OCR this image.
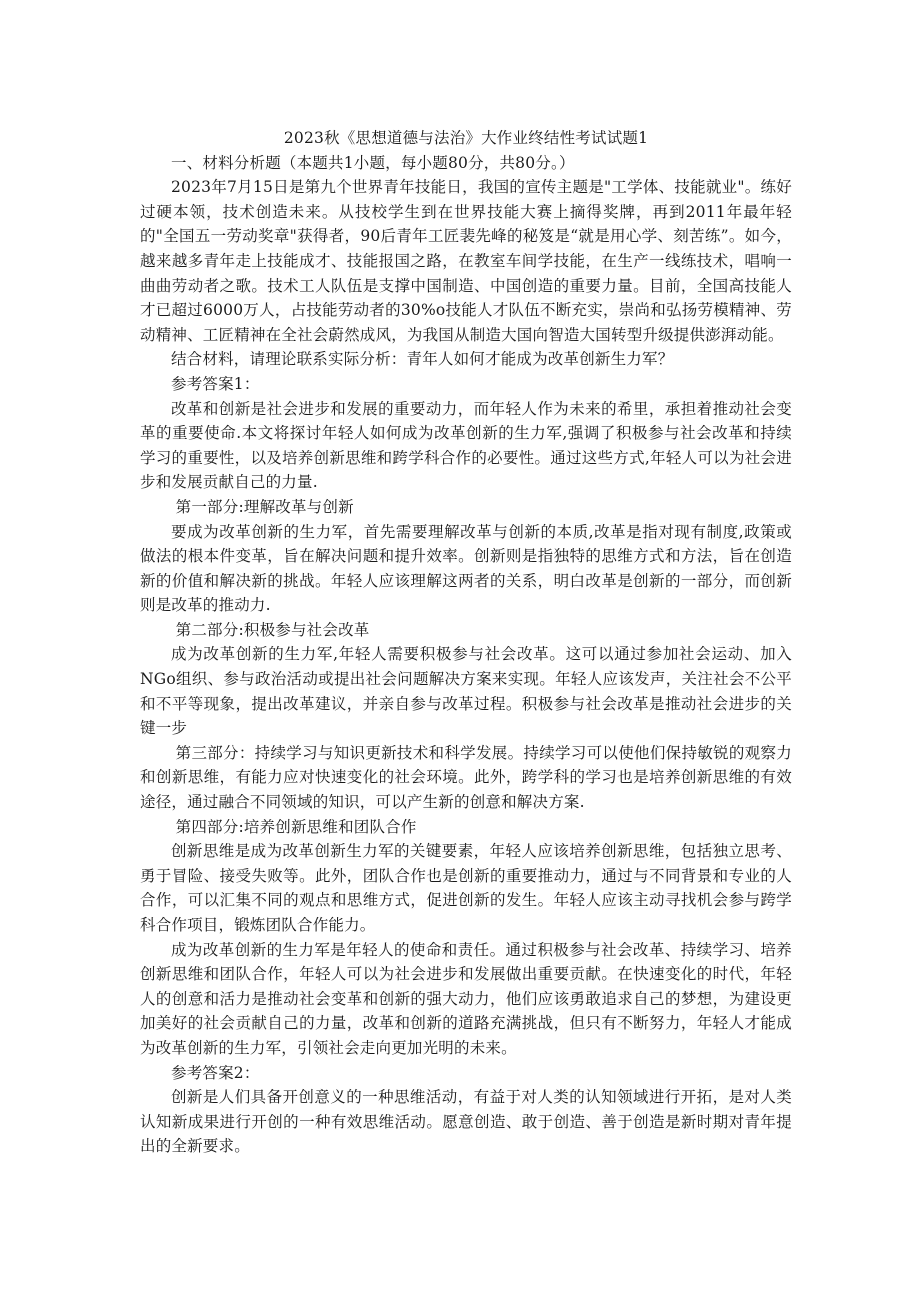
2023秋《思想道德与法治》大作业终结性考试试题1

一、材料分析题（本题共1小题，每小题80分，共80分。）

2023年7月15日是第九个世界青年技能日，我国的宣传主题是"工学体、技能就业"。练好过硬本领，技术创造未来。从技校学生到在世界技能大赛上摘得奖牌，再到2011年最年轻的"全国五一劳动奖章"获得者，90后青年工匠裴先峰的秘笈是“就是用心学、刻苦练”。如今，越来越多青年走上技能成才、技能报国之路，在教室车间学技能，在生产一线练技术，唱响一曲曲劳动者之歌。技术工人队伍是支撑中国制造、中国创造的重要力量。目前，全国高技能人才已超过6000万人，占技能劳动者的30%o技能人才队伍不断充实，崇尚和弘扬劳模精神、劳动精神、工匠精神在全社会蔚然成风，为我国从制造大国向智造大国转型升级提供澎湃动能。

结合材料，请理论联系实际分析：青年人如何才能成为改革创新生力军？

参考答案1：

改革和创新是社会进步和发展的重要动力，而年轻人作为未来的希里，承担着推动社会变革的重要使命.本文将探讨年轻人如何成为改革创新的生力军,强调了积极参与社会改革和持续学习的重要性，以及培养创新思维和跨学科合作的必要性。通过这些方式,年轻人可以为社会进步和发展贡献自己的力量.

第一部分:理解改革与创新

要成为改革创新的生力军，首先需要理解改革与创新的本质,改革是指对现有制度,政策或做法的根本件变革，旨在解决问题和提升效率。创新则是指独特的思维方式和方法，旨在创造新的价值和解决新的挑战。年轻人应该理解这两者的关系，明白改革是创新的一部分，而创新则是改革的推动力.

第二部分:积极参与社会改革

成为改革创新的生力军,年轻人需要积极参与社会改革。这可以通过参加社会运动、加入NGo组织、参与政治活动或提出社会问题解决方案来实现。年轻人应该发声，关注社会不公平和不平等现象，提出改革建议，并亲自参与改革过程。积极参与社会改革是推动社会进步的关键一步

第三部分：持续学习与知识更新技术和科学发展。持续学习可以使他们保持敏锐的观察力和创新思维，有能力应对快速变化的社会环境。此外，跨学科的学习也是培养创新思维的有效途径，通过融合不同领域的知识，可以产生新的创意和解决方案.

第四部分:培养创新思维和团队合作

创新思维是成为改革创新生力军的关键要素，年轻人应该培养创新思维，包括独立思考、勇于冒险、接受失败等。此外，团队合作也是创新的重要推动力，通过与不同背景和专业的人合作，可以汇集不同的观点和思维方式，促进创新的发生。年轻人应该主动寻找机会参与跨学科合作项目，锻炼团队合作能力。

成为改革创新的生力军是年轻人的使命和责任。通过积极参与社会改革、持续学习、培养创新思维和团队合作，年轻人可以为社会进步和发展做出重要贡献。在快速变化的时代，年轻人的创意和活力是推动社会变革和创新的强大动力，他们应该勇敢追求自己的梦想，为建设更加美好的社会贡献自己的力量，改革和创新的道路充满挑战，但只有不断努力，年轻人才能成为改革创新的生力军，引领社会走向更加光明的未来。

参考答案2：

创新是人们具备开创意义的一种思维活动，有益于对人类的认知领域进行开拓，是对人类认知新成果进行开创的一种有效思维活动。愿意创造、敢于创造、善于创造是新时期对青年提出的全新要求。
